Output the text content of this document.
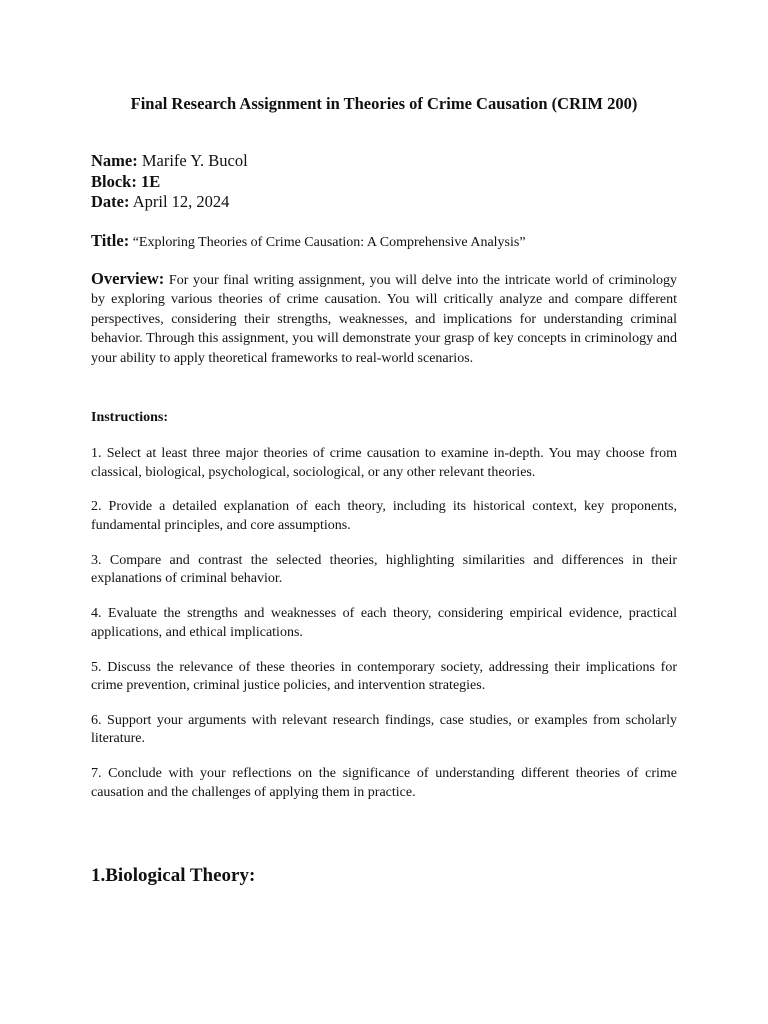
Final Research Assignment in Theories of Crime Causation (CRIM 200)
Name: Marife Y. Bucol
Block: 1E
Date: April 12, 2024
Title: “Exploring Theories of Crime Causation: A Comprehensive Analysis”
Overview: For your final writing assignment, you will delve into the intricate world of criminology by exploring various theories of crime causation. You will critically analyze and compare different perspectives, considering their strengths, weaknesses, and implications for understanding criminal behavior. Through this assignment, you will demonstrate your grasp of key concepts in criminology and your ability to apply theoretical frameworks to real-world scenarios.
Instructions:
1. Select at least three major theories of crime causation to examine in-depth. You may choose from classical, biological, psychological, sociological, or any other relevant theories.
2. Provide a detailed explanation of each theory, including its historical context, key proponents, fundamental principles, and core assumptions.
3. Compare and contrast the selected theories, highlighting similarities and differences in their explanations of criminal behavior.
4. Evaluate the strengths and weaknesses of each theory, considering empirical evidence, practical applications, and ethical implications.
5. Discuss the relevance of these theories in contemporary society, addressing their implications for crime prevention, criminal justice policies, and intervention strategies.
6. Support your arguments with relevant research findings, case studies, or examples from scholarly literature.
7. Conclude with your reflections on the significance of understanding different theories of crime causation and the challenges of applying them in practice.
1.Biological Theory:
